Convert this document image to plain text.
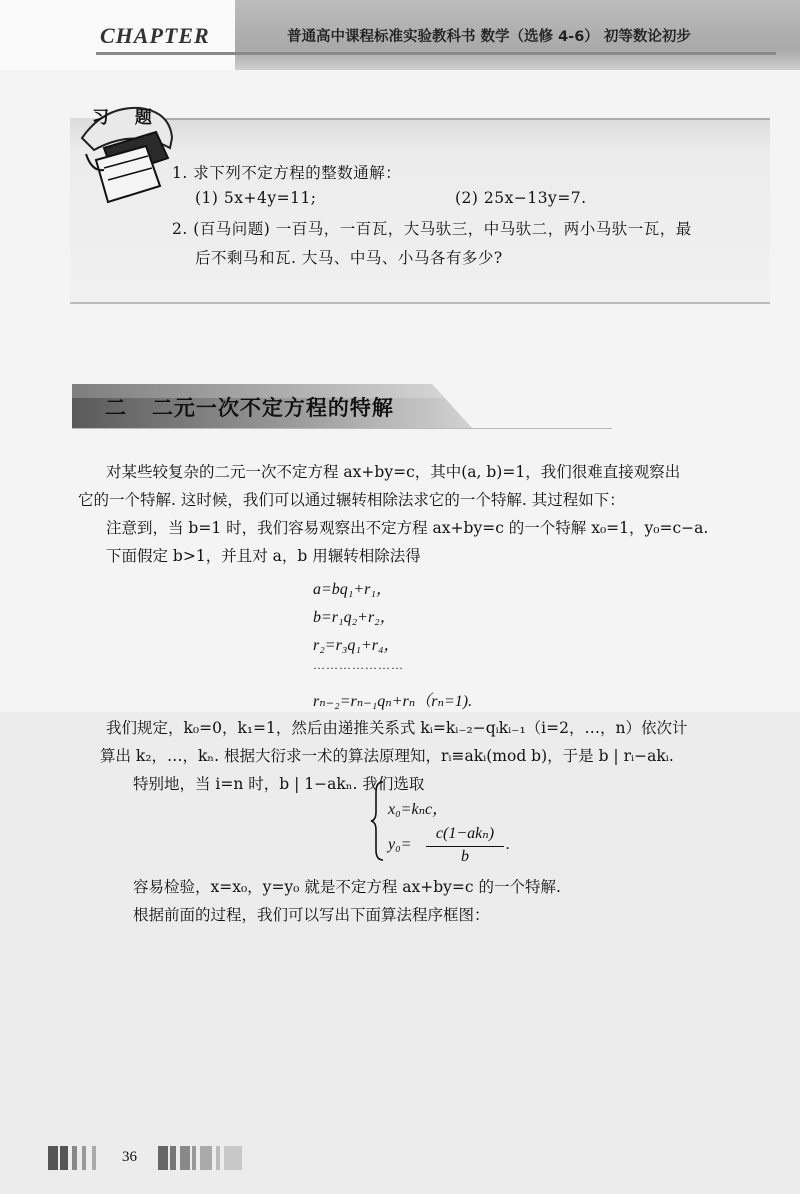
CHAPTER	普通高中课程标准实验教科书 数学（选修 4-6） 初等数论初步
习 题
1. 求下列不定方程的整数通解：
(1) 5x+4y=11;	(2) 25x−13y=7.
2. (百马问题) 一百马，一百瓦，大马驮三，中马驮二，两小马驮一瓦，最
后不剩马和瓦. 大马、中马、小马各有多少?
二 二元一次不定方程的特解
对某些较复杂的二元一次不定方程 ax+by=c，其中(a, b)=1，我们很难直接观察出
它的一个特解. 这时候，我们可以通过辗转相除法求它的一个特解. 其过程如下：
注意到，当 b=1 时，我们容易观察出不定方程 ax+by=c 的一个特解 x₀=1，y₀=c−a.
下面假定 b>1，并且对 a，b 用辗转相除法得
a=bq₁+r₁，
b=r₁q₂+r₂，
r₂=r₃q₁+r₄，
…………………
rₙ₋₂=rₙ₋₁qₙ+rₙ（rₙ=1).
我们规定，k₀=0，k₁=1，然后由递推关系式 kᵢ=kᵢ₋₂−qᵢkᵢ₋₁（i=2，…，n）依次计
算出 k₂，…，kₙ. 根据大衍求一术的算法原理知，rᵢ≡akᵢ(mod b)，于是 b | rᵢ−akᵢ.
特别地，当 i=n 时，b | 1−akₙ. 我们选取
x₀=kₙc，
y₀=
c(1−akₙ)
b
.
容易检验，x=x₀，y=y₀ 就是不定方程 ax+by=c 的一个特解.
根据前面的过程，我们可以写出下面算法程序框图：
36
